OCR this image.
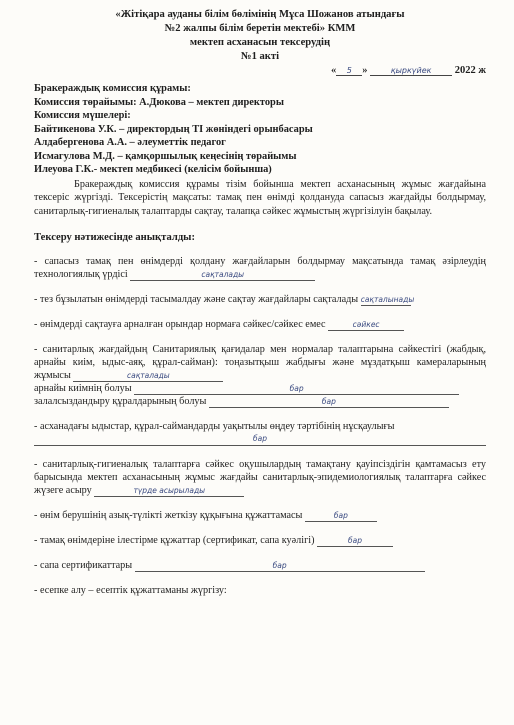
«Жітіқара ауданы білім бөлімінің Мұса Шожанов атындағы
№2 жалпы білім беретін мектебі» КММ
мектеп асханасын тексерудің
№1 акті
« 5 »	қыркүйек 2022 ж
Бракераждық комиссия құрамы:
Комиссия төрайымы: А.Дюкова – мектеп директоры
Комиссия мүшелері:
Байтикенова У.К. – директордың ТІ жөніндегі орынбасары
Алдабергенова А.А. – әлеуметтік педагог
Исмагулова М.Д. – қамқоршылық кеңесінің төрайымы
Илеуова Г.К.- мектеп медбикесі (келісім бойынша)
Бракераждық комиссия құрамы тізім бойынша мектеп асханасының жұмыс жағдайына тексеріс жүргізді. Тексерістің мақсаты: тамақ пен өнімді қолдануда сапасыз жағдайды болдырмау, санитарлық-гигиеналық талаптарды сақтау, талапқа сәйкес жұмыстың жүргізілуін бақылау.
Тексеру нәтижесінде анықталды:
- сапасыз тамақ пен өнімдерді қолдану жағдайларын болдырмау мақсатында тамақ әзірлеудің технологиялық үрдісі	сақталады
- тез бұзылатын өнімдерді тасымалдау және сақтау жағдайлары сақталады сақталынады
- өнімдерді сақтауға арналған орындар нормаға сәйкес/сәйкес емес	сәйкес
- санитарлық жағдайдың Санитариялық қағидалар мен нормалар талаптарына сәйкестігі (жабдық, арнайы киім, ыдыс-аяқ, құрал-сайман): тоңазытқыш жабдығы және мұздатқыш камераларының жұмысы	сақталады
арнайы киімнің болуы	бар
залалсыздандыру құралдарының болуы	бар
- асханадағы ыдыстар, құрал-саймандарды уақытылы өңдеу тәртібінің нұсқаулығы
бар
- санитарлық-гигиеналық талаптарға сәйкес оқушылардың тамақтану қауіпсіздігін қамтамасыз ету барысында мектеп асханасының жұмыс жағдайы санитарлық-эпидемиологиялық талаптарға сәйкес жүзеге асыру	түрде асырылады
- өнім берушінің азық-түлікті жеткізу құқығына құжаттамасы	бар
- тамақ өнімдеріне ілестірме құжаттар (сертификат, сапа куәлігі)	бар
- сапа сертификаттары	бар
- есепке алу – есептік құжаттаманы жүргізу:
